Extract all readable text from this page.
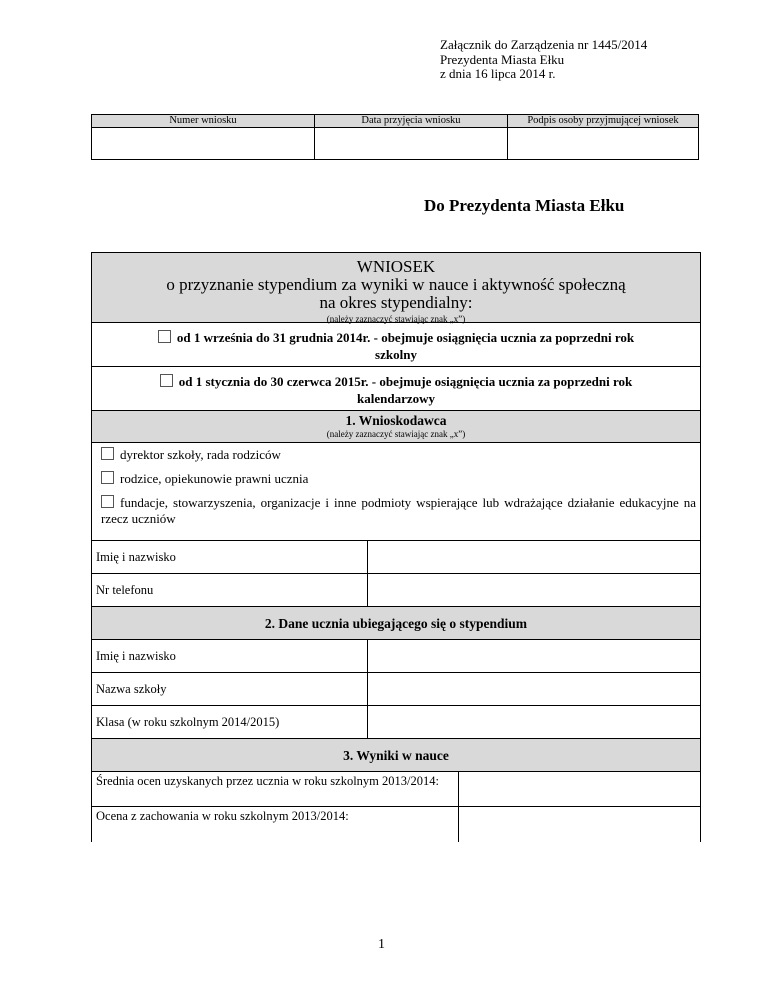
Załącznik do Zarządzenia nr 1445/2014
Prezydenta Miasta Ełku
z dnia 16 lipca 2014 r.
Numer wniosku	Data przyjęcia wniosku	Podpis osoby przyjmującej wniosek

Do Prezydenta Miasta Ełku
WNIOSEK
o przyznanie stypendium za wyniki w nauce i aktywność społeczną
na okres stypendialny:
(należy zaznaczyć stawiając znak „x”)
od 1 września do 31 grudnia 2014r. - obejmuje osiągnięcia ucznia za poprzedni rok
szkolny
od 1 stycznia do 30 czerwca 2015r. - obejmuje osiągnięcia ucznia za poprzedni rok
kalendarzowy
1. Wnioskodawca
(należy zaznaczyć stawiając znak „x”)
dyrektor szkoły, rada rodziców
rodzice, opiekunowie prawni ucznia
fundacje, stowarzyszenia, organizacje i inne podmioty wspierające lub wdrażające działanie edukacyjne na rzecz uczniów
Imię i nazwisko
Nr telefonu
2. Dane ucznia ubiegającego się o stypendium
Imię i nazwisko
Nazwa szkoły
Klasa (w roku szkolnym 2014/2015)
3. Wyniki w nauce
Średnia ocen uzyskanych przez ucznia w roku szkolnym 2013/2014:
Ocena z zachowania w roku szkolnym 2013/2014:
1
